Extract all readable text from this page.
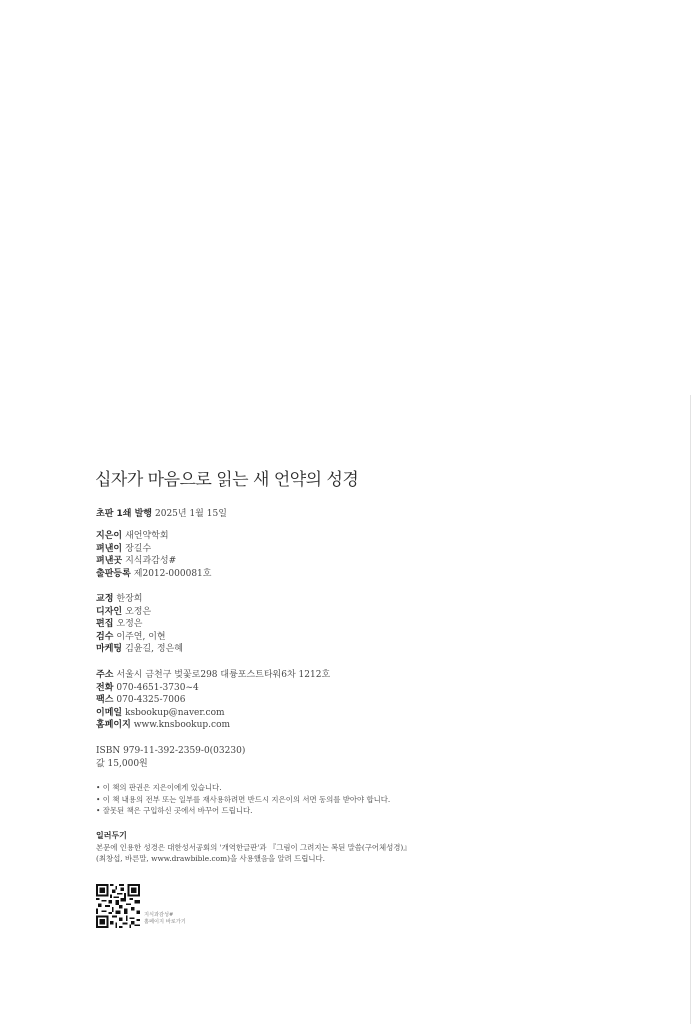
십자가 마음으로 읽는 새 언약의 성경
초판 1쇄 발행 2025년 1월 15일
지은이 새언약학회
펴낸이 장길수
펴낸곳 지식과감성#
출판등록 제2012-000081호
교정 한장희
디자인 오정은
편집 오정은
검수 이주연, 이현
마케팅 김윤길, 정은혜
주소 서울시 금천구 벚꽃로298 대륭포스트타워6차 1212호
전화 070-4651-3730~4
팩스 070-4325-7006
이메일 ksbookup@naver.com
홈페이지 www.knsbookup.com
ISBN 979-11-392-2359-0(03230)
값 15,000원
• 이 책의 판권은 지은이에게 있습니다.
• 이 책 내용의 전부 또는 일부를 재사용하려면 반드시 지은이의 서면 동의를 받아야 합니다.
• 잘못된 책은 구입하신 곳에서 바꾸어 드립니다.
일러두기
본문에 인용한 성경은 대한성서공회의 '개역한글판'과 『그림이 그려지는 복된 말씀(구어체성경)』
(최창섭, 바른말, www.drawbible.com)을 사용했음을 알려 드립니다.
지식과감성#
홈페이지 바로가기
